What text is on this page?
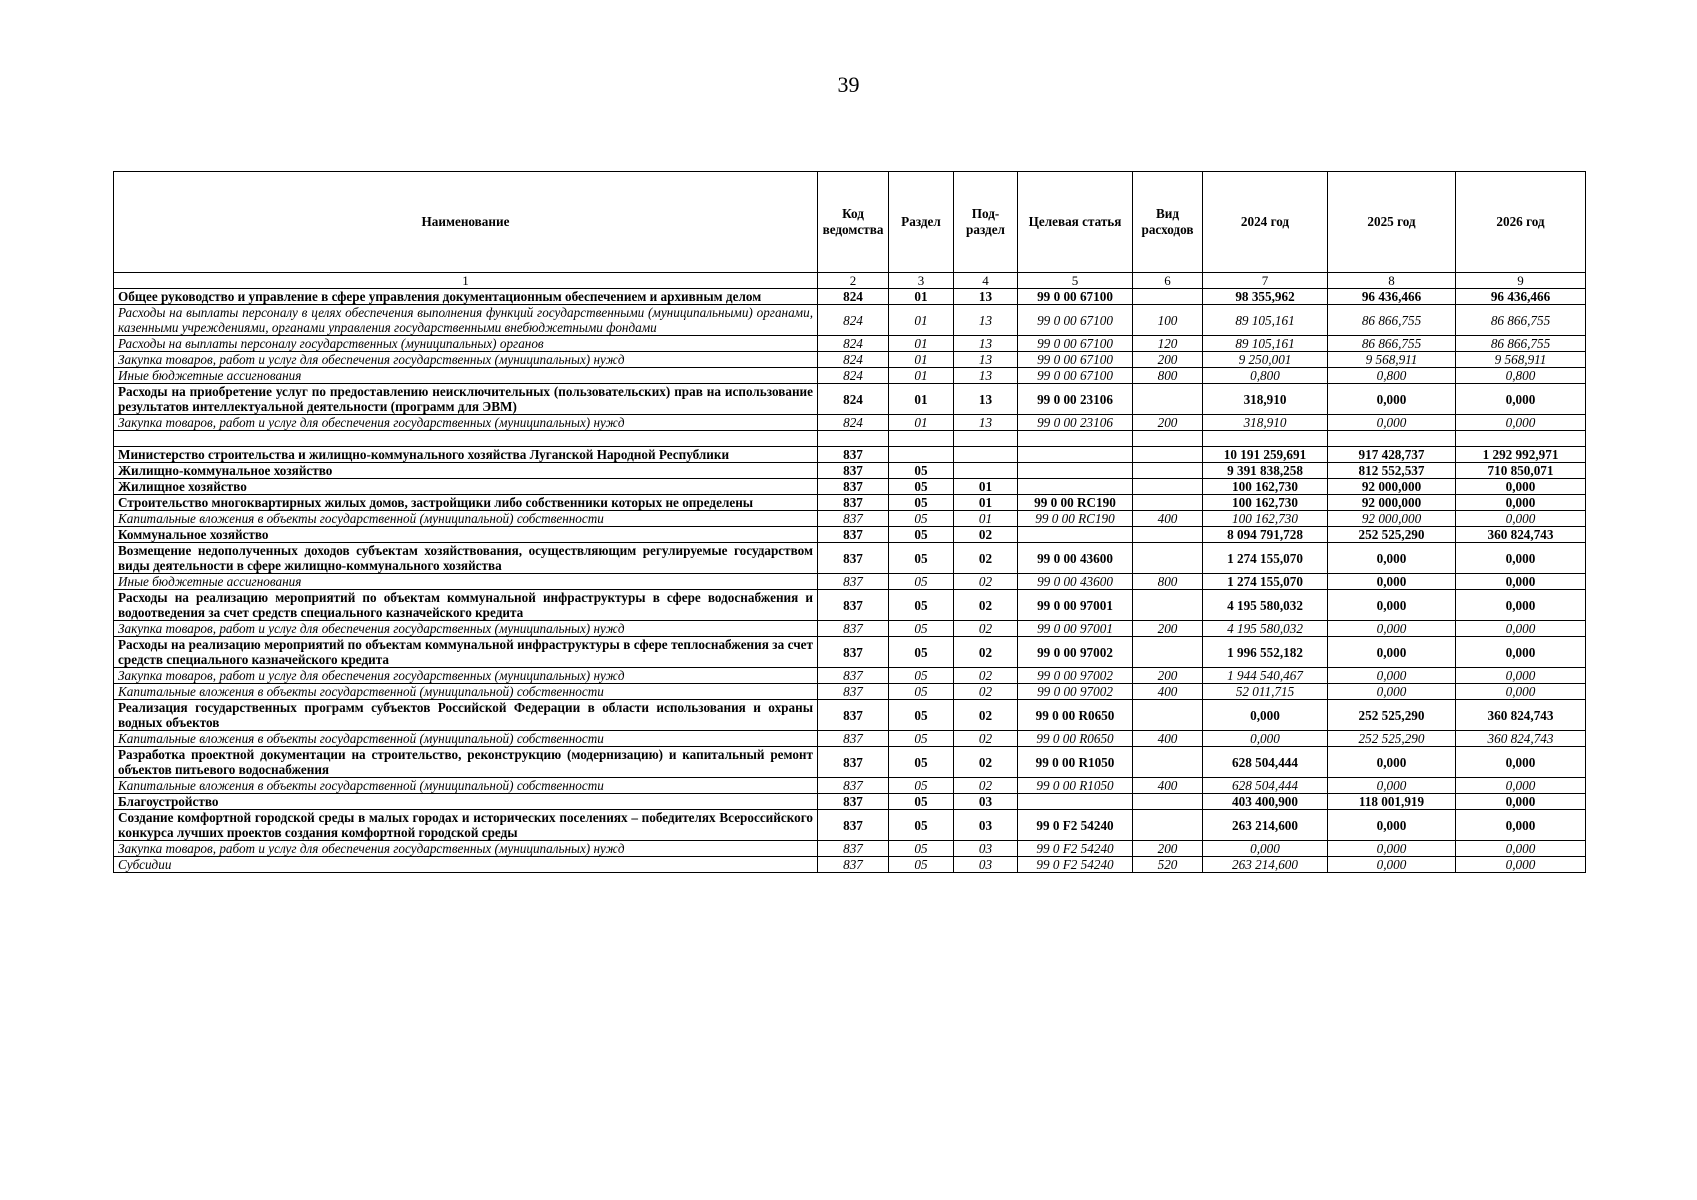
39
Наименование	Код ведомства	Раздел	Под-раздел	Целевая статья	Вид расходов	2024 год	2025 год	2026 год
1	2	3	4	5	6	7	8	9
Общее руководство и управление в сфере управления документационным обеспечением и архивным делом	824	01	13	99 0 00 67100		98 355,962	96 436,466	96 436,466
Расходы на выплаты персоналу в целях обеспечения выполнения функций государственными (муниципальными) органами, казенными учреждениями, органами управления государственными внебюджетными фондами	824	01	13	99 0 00 67100	100	89 105,161	86 866,755	86 866,755
Расходы на выплаты персоналу государственных (муниципальных) органов	824	01	13	99 0 00 67100	120	89 105,161	86 866,755	86 866,755
Закупка товаров, работ и услуг для обеспечения государственных (муниципальных) нужд	824	01	13	99 0 00 67100	200	9 250,001	9 568,911	9 568,911
Иные бюджетные ассигнования	824	01	13	99 0 00 67100	800	0,800	0,800	0,800
Расходы на приобретение услуг по предоставлению неисключительных (пользовательских) прав на использование результатов интеллектуальной деятельности (программ для ЭВМ)	824	01	13	99 0 00 23106		318,910	0,000	0,000
Закупка товаров, работ и услуг для обеспечения государственных (муниципальных) нужд	824	01	13	99 0 00 23106	200	318,910	0,000	0,000

Министерство строительства и жилищно-коммунального хозяйства Луганской Народной Республики	837					10 191 259,691	917 428,737	1 292 992,971
Жилищно-коммунальное хозяйство	837	05				9 391 838,258	812 552,537	710 850,071
Жилищное хозяйство	837	05	01			100 162,730	92 000,000	0,000
Строительство многоквартирных жилых домов, застройщики либо собственники которых не определены	837	05	01	99 0 00 RC190		100 162,730	92 000,000	0,000
Капитальные вложения в объекты государственной (муниципальной) собственности	837	05	01	99 0 00 RC190	400	100 162,730	92 000,000	0,000
Коммунальное хозяйство	837	05	02			8 094 791,728	252 525,290	360 824,743
Возмещение недополученных доходов субъектам хозяйствования, осуществляющим регулируемые государством виды деятельности в сфере жилищно-коммунального хозяйства	837	05	02	99 0 00 43600		1 274 155,070	0,000	0,000
Иные бюджетные ассигнования	837	05	02	99 0 00 43600	800	1 274 155,070	0,000	0,000
Расходы на реализацию мероприятий по объектам коммунальной инфраструктуры в сфере водоснабжения и водоотведения за счет средств специального казначейского кредита	837	05	02	99 0 00 97001		4 195 580,032	0,000	0,000
Закупка товаров, работ и услуг для обеспечения государственных (муниципальных) нужд	837	05	02	99 0 00 97001	200	4 195 580,032	0,000	0,000
Расходы на реализацию мероприятий по объектам коммунальной инфраструктуры в сфере теплоснабжения за счет средств специального казначейского кредита	837	05	02	99 0 00 97002		1 996 552,182	0,000	0,000
Закупка товаров, работ и услуг для обеспечения государственных (муниципальных) нужд	837	05	02	99 0 00 97002	200	1 944 540,467	0,000	0,000
Капитальные вложения в объекты государственной (муниципальной) собственности	837	05	02	99 0 00 97002	400	52 011,715	0,000	0,000
Реализация государственных программ субъектов Российской Федерации в области использования и охраны водных объектов	837	05	02	99 0 00 R0650		0,000	252 525,290	360 824,743
Капитальные вложения в объекты государственной (муниципальной) собственности	837	05	02	99 0 00 R0650	400	0,000	252 525,290	360 824,743
Разработка проектной документации на строительство, реконструкцию (модернизацию) и капитальный ремонт объектов питьевого водоснабжения	837	05	02	99 0 00 R1050		628 504,444	0,000	0,000
Капитальные вложения в объекты государственной (муниципальной) собственности	837	05	02	99 0 00 R1050	400	628 504,444	0,000	0,000
Благоустройство	837	05	03			403 400,900	118 001,919	0,000
Создание комфортной городской среды в малых городах и исторических поселениях – победителях Всероссийского конкурса лучших проектов создания комфортной городской среды	837	05	03	99 0 F2 54240		263 214,600	0,000	0,000
Закупка товаров, работ и услуг для обеспечения государственных (муниципальных) нужд	837	05	03	99 0 F2 54240	200	0,000	0,000	0,000
Субсидии	837	05	03	99 0 F2 54240	520	263 214,600	0,000	0,000
